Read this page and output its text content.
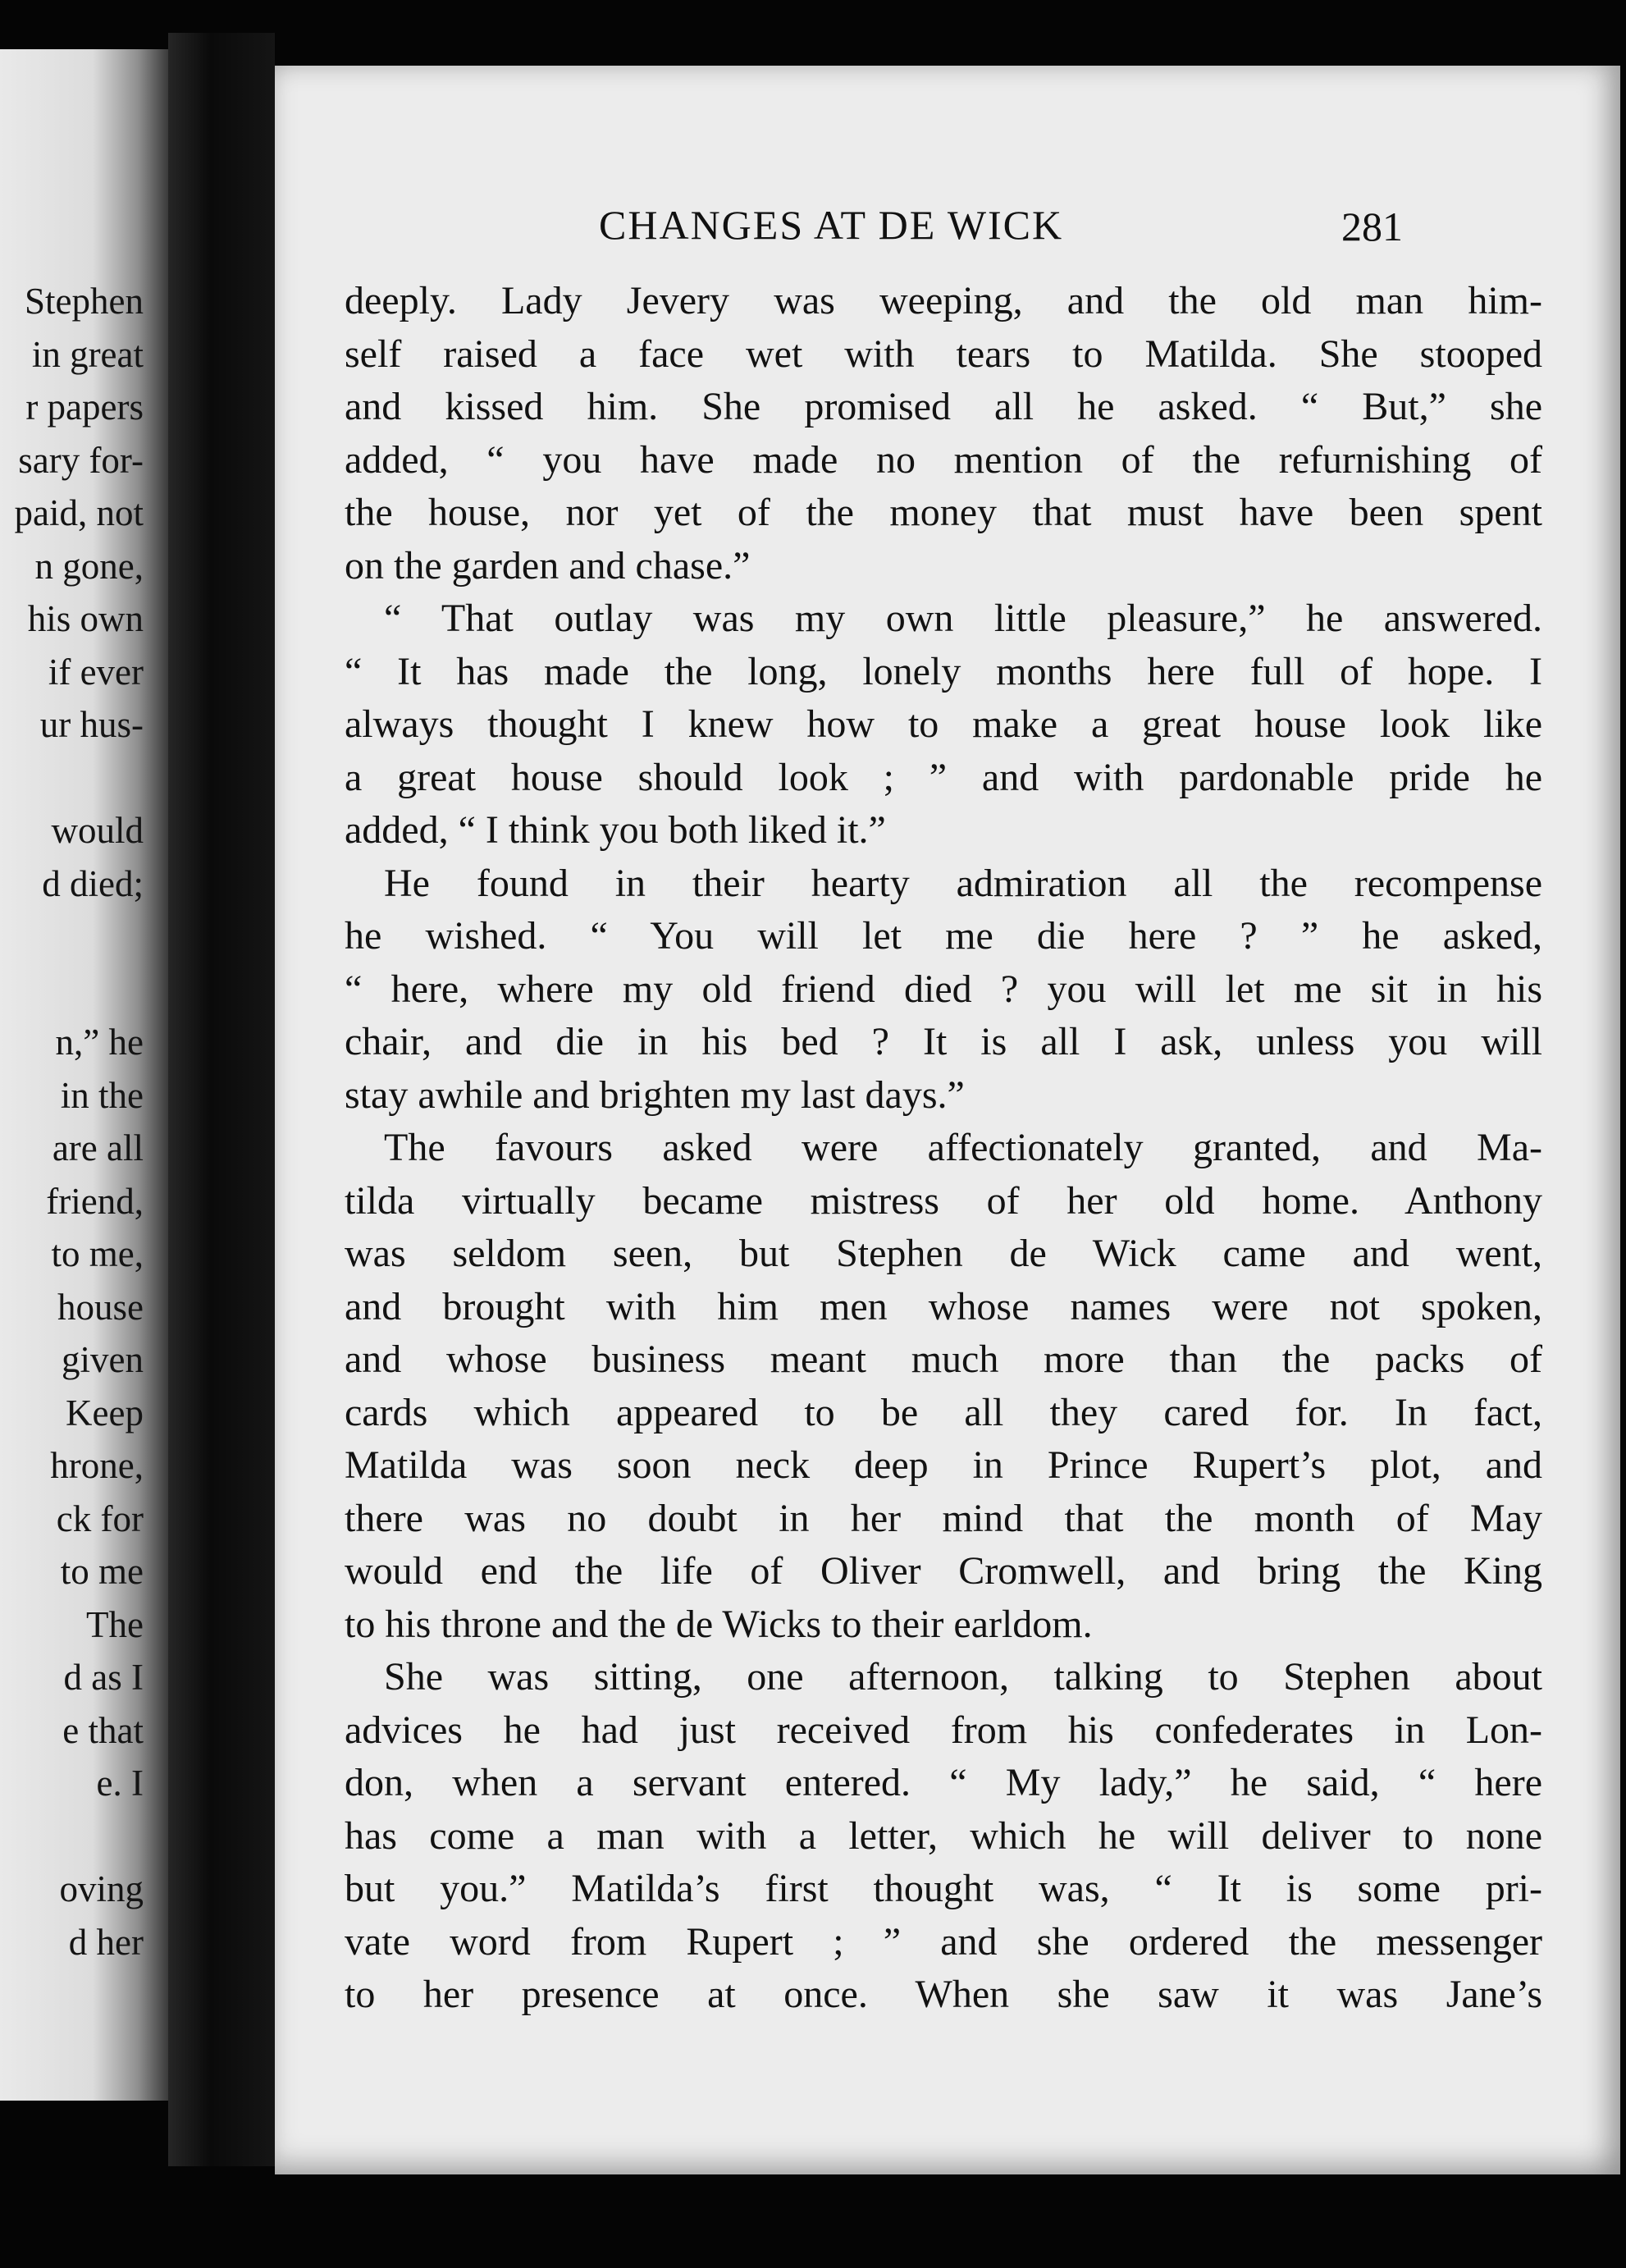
Stephen
in great
r papers
sary for-
paid, not
n gone,
his own
if ever
ur hus-
would
d died;
n,” he
in the
are all
friend,
to me,
house
given
Keep
hrone,
ck for
to me
The
d as I
e that
e. I
oving
d her
CHANGES AT DE WICK	281
deeply. Lady Jevery was weeping, and the old man him-
self raised a face wet with tears to Matilda. She stooped
and kissed him. She promised all he asked. “ But,” she
added, “ you have made no mention of the refurnishing of
the house, nor yet of the money that must have been spent
on the garden and chase.”
“ That outlay was my own little pleasure,” he answered.
“ It has made the long, lonely months here full of hope. I
always thought I knew how to make a great house look like
a great house should look ; ” and with pardonable pride he
added, “ I think you both liked it.”
He found in their hearty admiration all the recompense
he wished. “ You will let me die here ? ” he asked,
“ here, where my old friend died ? you will let me sit in his
chair, and die in his bed ? It is all I ask, unless you will
stay awhile and brighten my last days.”
The favours asked were affectionately granted, and Ma-
tilda virtually became mistress of her old home. Anthony
was seldom seen, but Stephen de Wick came and went,
and brought with him men whose names were not spoken,
and whose business meant much more than the packs of
cards which appeared to be all they cared for. In fact,
Matilda was soon neck deep in Prince Rupert’s plot, and
there was no doubt in her mind that the month of May
would end the life of Oliver Cromwell, and bring the King
to his throne and the de Wicks to their earldom.
She was sitting, one afternoon, talking to Stephen about
advices he had just received from his confederates in Lon-
don, when a servant entered. “ My lady,” he said, “ here
has come a man with a letter, which he will deliver to none
but you.” Matilda’s first thought was, “ It is some pri-
vate word from Rupert ; ” and she ordered the messenger
to her presence at once. When she saw it was Jane’s
